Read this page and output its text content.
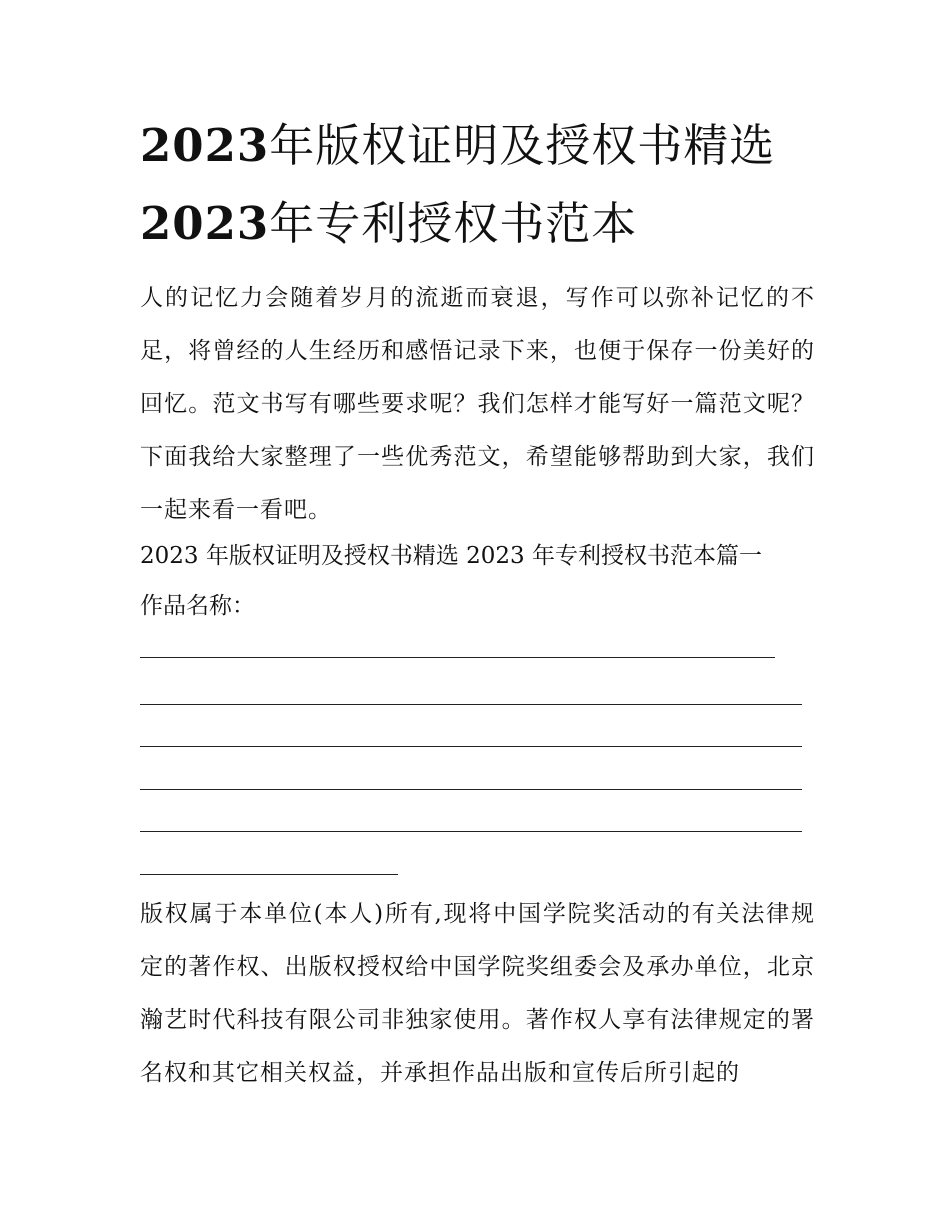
2023年版权证明及授权书精选
2023年专利授权书范本
人的记忆力会随着岁月的流逝而衰退，写作可以弥补记忆的不足，将曾经的人生经历和感悟记录下来，也便于保存一份美好的回忆。范文书写有哪些要求呢？我们怎样才能写好一篇范文呢？下面我给大家整理了一些优秀范文，希望能够帮助到大家，我们一起来看一看吧。
2023 年版权证明及授权书精选 2023 年专利授权书范本篇一
作品名称：
版权属于本单位(本人)所有,现将中国学院奖活动的有关法律规定的著作权、出版权授权给中国学院奖组委会及承办单位，北京瀚艺时代科技有限公司非独家使用。著作权人享有法律规定的署名权和其它相关权益，并承担作品出版和宣传后所引起的
